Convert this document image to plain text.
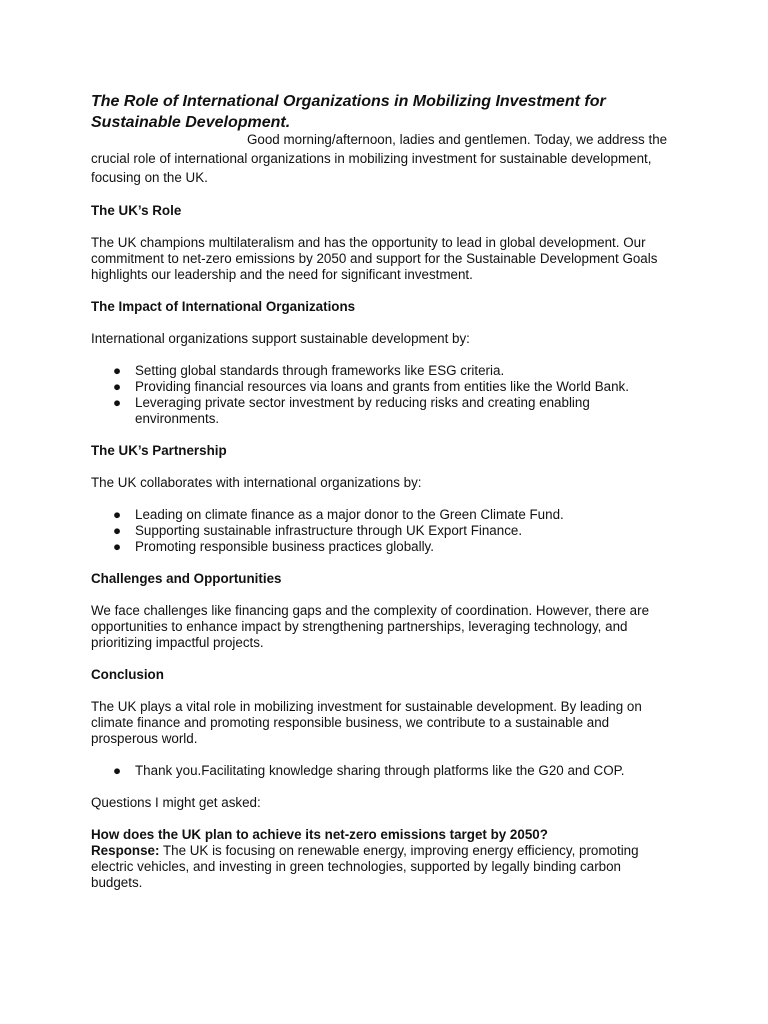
The Role of International Organizations in Mobilizing Investment for Sustainable Development.

Good morning/afternoon, ladies and gentlemen. Today, we address the crucial role of international organizations in mobilizing investment for sustainable development, focusing on the UK.

The UK’s Role

The UK champions multilateralism and has the opportunity to lead in global development. Our commitment to net-zero emissions by 2050 and support for the Sustainable Development Goals highlights our leadership and the need for significant investment.

The Impact of International Organizations

International organizations support sustainable development by:

● Setting global standards through frameworks like ESG criteria.
● Providing financial resources via loans and grants from entities like the World Bank.
● Leveraging private sector investment by reducing risks and creating enabling environments.
The UK’s Partnership

The UK collaborates with international organizations by:

● Leading on climate finance as a major donor to the Green Climate Fund.
● Supporting sustainable infrastructure through UK Export Finance.
● Promoting responsible business practices globally.
Challenges and Opportunities

We face challenges like financing gaps and the complexity of coordination. However, there are opportunities to enhance impact by strengthening partnerships, leveraging technology, and prioritizing impactful projects.

Conclusion

The UK plays a vital role in mobilizing investment for sustainable development. By leading on climate finance and promoting responsible business, we contribute to a sustainable and prosperous world.

● Thank you.Facilitating knowledge sharing through platforms like the G20 and COP.

Questions I might get asked:

How does the UK plan to achieve its net-zero emissions target by 2050?

Response: The UK is focusing on renewable energy, improving energy efficiency, promoting electric vehicles, and investing in green technologies, supported by legally binding carbon budgets.
